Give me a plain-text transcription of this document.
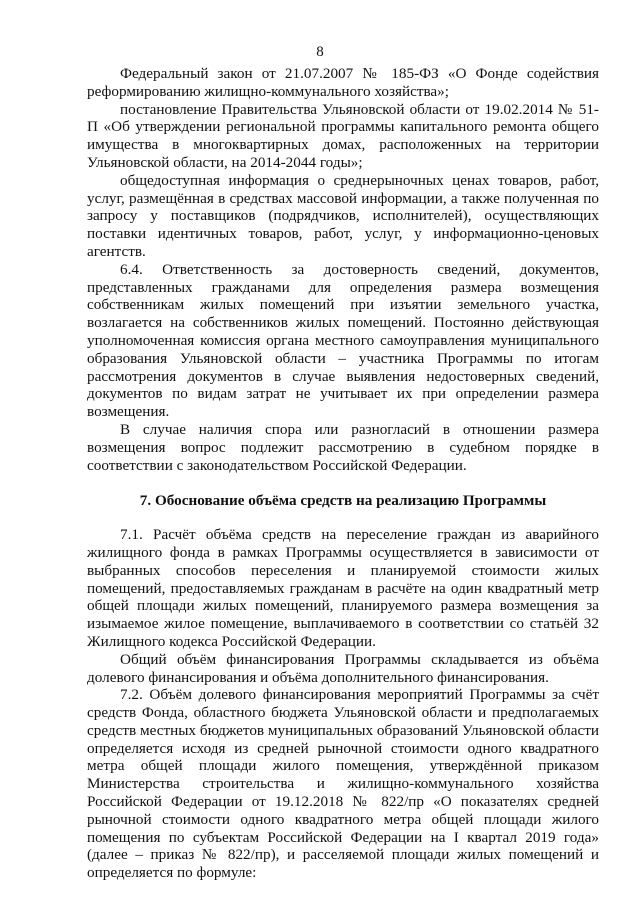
8

Федеральный закон от 21.07.2007 № 185-ФЗ «О Фонде содействия реформированию жилищно-коммунального хозяйства»;

постановление Правительства Ульяновской области от 19.02.2014 № 51-П «Об утверждении региональной программы капитального ремонта общего имущества в многоквартирных домах, расположенных на территории Ульяновской области, на 2014-2044 годы»;

общедоступная информация о среднерыночных ценах товаров, работ, услуг, размещённая в средствах массовой информации, а также полученная по запросу у поставщиков (подрядчиков, исполнителей), осуществляющих поставки идентичных товаров, работ, услуг, у информационно-ценовых агентств.

6.4. Ответственность за достоверность сведений, документов, представленных гражданами для определения размера возмещения собственникам жилых помещений при изъятии земельного участка, возлагается на собственников жилых помещений. Постоянно действующая уполномоченная комиссия органа местного самоуправления муниципального образования Ульяновской области – участника Программы по итогам рассмотрения документов в случае выявления недостоверных сведений, документов по видам затрат не учитывает их при определении размера возмещения.

В случае наличия спора или разногласий в отношении размера возмещения вопрос подлежит рассмотрению в судебном порядке в соответствии с законодательством Российской Федерации.

7. Обоснование объёма средств на реализацию Программы

7.1. Расчёт объёма средств на переселение граждан из аварийного жилищного фонда в рамках Программы осуществляется в зависимости от выбранных способов переселения и планируемой стоимости жилых помещений, предоставляемых гражданам в расчёте на один квадратный метр общей площади жилых помещений, планируемого размера возмещения за изымаемое жилое помещение, выплачиваемого в соответствии со статьёй 32 Жилищного кодекса Российской Федерации.

Общий объём финансирования Программы складывается из объёма долевого финансирования и объёма дополнительного финансирования.

7.2. Объём долевого финансирования мероприятий Программы за счёт средств Фонда, областного бюджета Ульяновской области и предполагаемых средств местных бюджетов муниципальных образований Ульяновской области определяется исходя из средней рыночной стоимости одного квадратного метра общей площади жилого помещения, утверждённой приказом Министерства строительства и жилищно-коммунального хозяйства Российской Федерации от 19.12.2018 № 822/пр «О показателях средней рыночной стоимости одного квадратного метра общей площади жилого помещения по субъектам Российской Федерации на I квартал 2019 года» (далее – приказ № 822/пр), и расселяемой площади жилых помещений и определяется по формуле:
